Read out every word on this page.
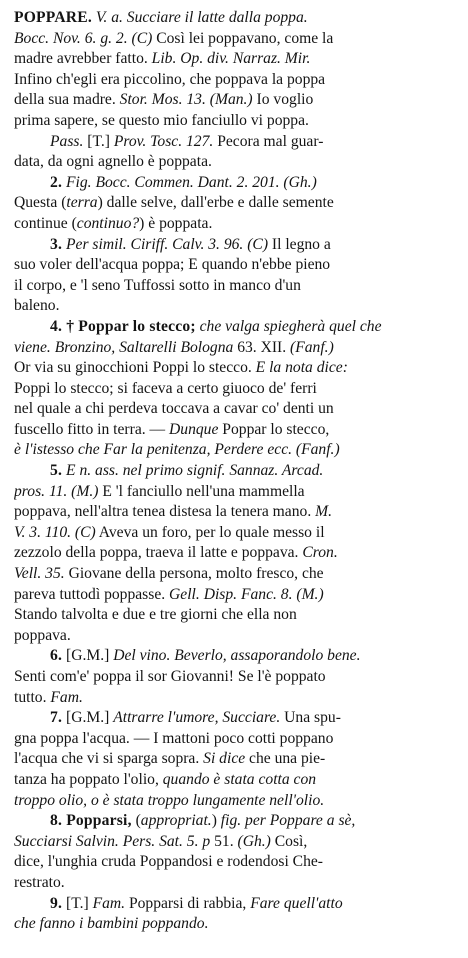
POPPARE. V. a. Succiare il latte dalla poppa.
Bocc. Nov. 6. g. 2. (C) Così lei poppavano, come la
madre avrebber fatto. Lib. Op. div. Narraz. Mir.
Infino ch'egli era piccolino, che poppava la poppa
della sua madre. Stor. Mos. 13. (Man.) Io voglio
prima sapere, se questo mio fanciullo vi poppa.
Pass. [T.] Prov. Tosc. 127. Pecora mal guar-
data, da ogni agnello è poppata.
2. Fig. Bocc. Commen. Dant. 2. 201. (Gh.)
Questa (terra) dalle selve, dall'erbe e dalle semente
continue (continuo?) è poppata.
3. Per simil. Ciriff. Calv. 3. 96. (C) Il legno a
suo voler dell'acqua poppa; E quando n'ebbe pieno
il corpo, e 'l seno Tuffossi sotto in manco d'un
baleno.
4. † Poppar lo stecco; che valga spiegherà quel che
viene. Bronzino, Saltarelli Bologna 63. XII. (Fanf.)
Or via su ginocchioni Poppi lo stecco. E la nota dice:
Poppi lo stecco; si faceva a certo giuoco de' ferri
nel quale a chi perdeva toccava a cavar co' denti un
fuscello fitto in terra. — Dunque Poppar lo stecco,
è l'istesso che Far la penitenza, Perdere ecc. (Fanf.)
5. E n. ass. nel primo signif. Sannaz. Arcad.
pros. 11. (M.) E 'l fanciullo nell'una mammella
poppava, nell'altra tenea distesa la tenera mano. M.
V. 3. 110. (C) Aveva un foro, per lo quale messo il
zezzolo della poppa, traeva il latte e poppava. Cron.
Vell. 35. Giovane della persona, molto fresco, che
pareva tuttodì poppasse. Gell. Disp. Fanc. 8. (M.)
Stando talvolta e due e tre giorni che ella non
poppava.
6. [G.M.] Del vino. Beverlo, assaporandolo bene.
Senti com'e' poppa il sor Giovanni! Se l'è poppato
tutto. Fam.
7. [G.M.] Attrarre l'umore, Succiare. Una spu-
gna poppa l'acqua. — I mattoni poco cotti poppano
l'acqua che vi si sparga sopra. Si dice che una pie-
tanza ha poppato l'olio, quando è stata cotta con
troppo olio, o è stata troppo lungamente nell'olio.
8. Popparsi, (appropriat.) fig. per Poppare a sè,
Succiarsi Salvin. Pers. Sat. 5. p 51. (Gh.) Così,
dice, l'unghia cruda Poppandosi e rodendosi Che-
restrato.
9. [T.] Fam. Popparsi di rabbia, Fare quell'atto
che fanno i bambini poppando.
